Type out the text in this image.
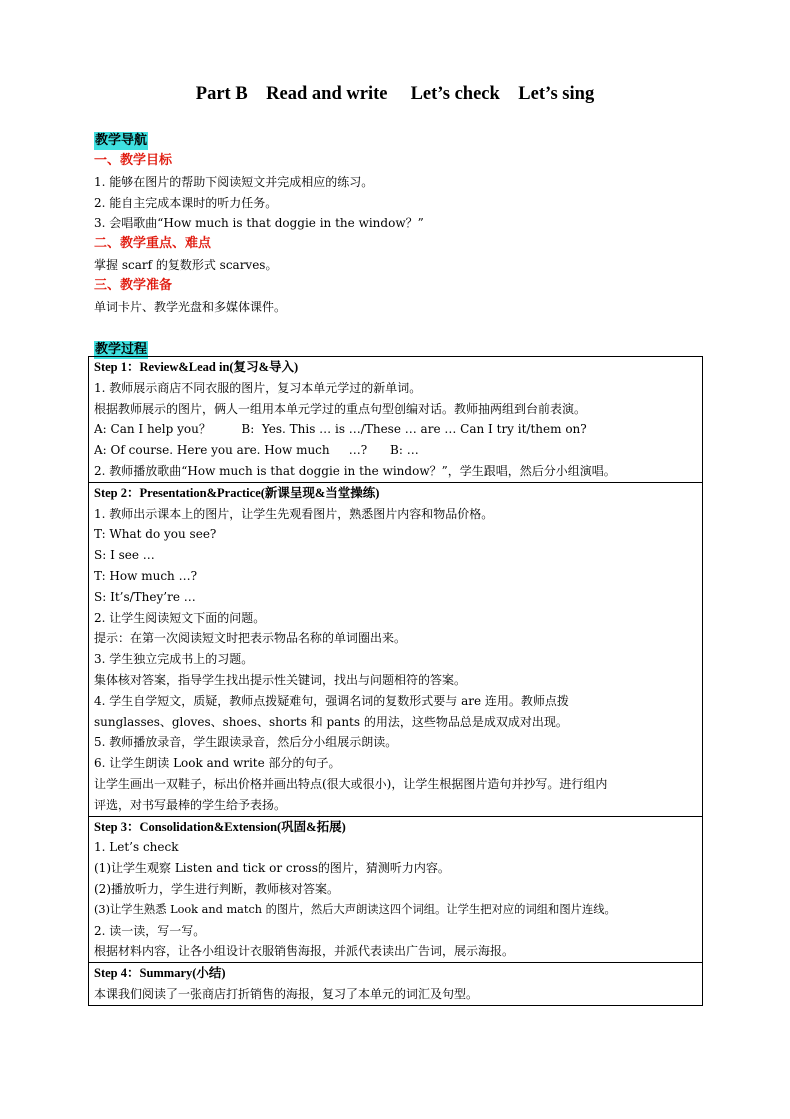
Part B    Read and write     Let’s check    Let’s sing
教学导航
一、教学目标
1. 能够在图片的帮助下阅读短文并完成相应的练习。
2. 能自主完成本课时的听力任务。
3. 会唱歌曲“How much is that doggie in the window？”
二、教学重点、难点
掌握 scarf 的复数形式 scarves。
三、教学准备
单词卡片、教学光盘和多媒体课件。
教学过程
Step 1：Review&Lead in(复习&导入)
1. 教师展示商店不同衣服的图片，复习本单元学过的新单词。
根据教师展示的图片，俩人一组用本单元学过的重点句型创编对话。教师抽两组到台前表演。
A: Can I help you？        B:  Yes. This … is …/These … are … Can I try it/them on?
A: Of course. Here you are. How much     …?      B: …
2. 教师播放歌曲“How much is that doggie in the window？”，学生跟唱，然后分小组演唱。
Step 2：Presentation&Practice(新课呈现&当堂操练)
1. 教师出示课本上的图片，让学生先观看图片，熟悉图片内容和物品价格。
T: What do you see?
S: I see …
T: How much …?
S: It’s/They’re …
2. 让学生阅读短文下面的问题。
提示：在第一次阅读短文时把表示物品名称的单词圈出来。
3. 学生独立完成书上的习题。
集体核对答案，指导学生找出提示性关键词，找出与问题相符的答案。
4. 学生自学短文，质疑，教师点拨疑难句，强调名词的复数形式要与 are 连用。教师点拨
sunglasses、gloves、shoes、shorts 和 pants 的用法，这些物品总是成双成对出现。
5. 教师播放录音，学生跟读录音，然后分小组展示朗读。
6. 让学生朗读 Look and write 部分的句子。
让学生画出一双鞋子，标出价格并画出特点(很大或很小)，让学生根据图片造句并抄写。进行组内
评选，对书写最棒的学生给予表扬。
Step 3：Consolidation&Extension(巩固&拓展)
1. Let’s check
(1)让学生观察 Listen and tick or cross的图片，猜测听力内容。
(2)播放听力，学生进行判断，教师核对答案。
(3)让学生熟悉 Look and match 的图片，然后大声朗读这四个词组。让学生把对应的词组和图片连线。
2. 读一读，写一写。
根据材料内容，让各小组设计衣服销售海报，并派代表读出广告词，展示海报。
Step 4：Summary(小结)
本课我们阅读了一张商店打折销售的海报，复习了本单元的词汇及句型。
